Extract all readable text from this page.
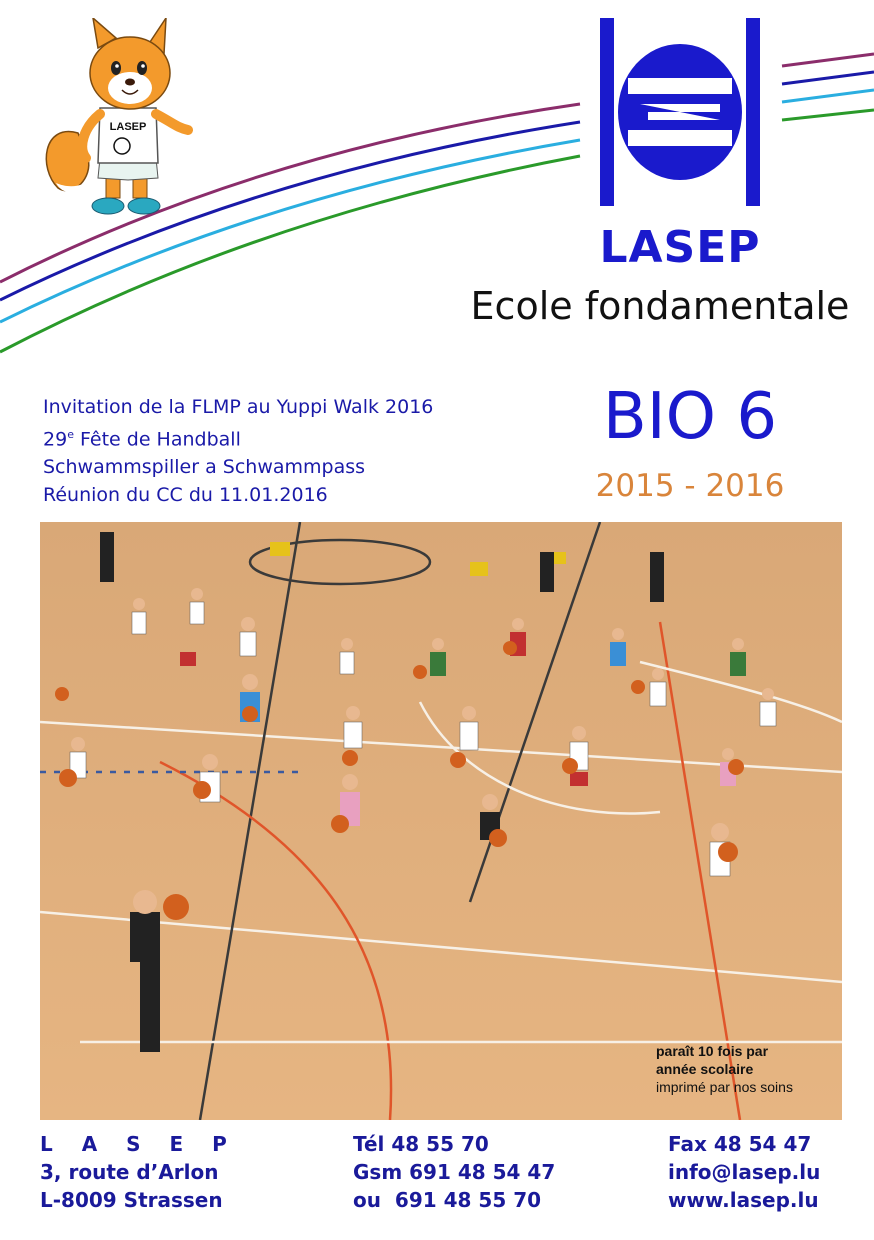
LASEP
LASEP
Ecole fondamentale
Invitation de la FLMP au Yuppi Walk 2016
29e Fête de Handball
Schwammspiller a Schwammpass
Réunion du CC du 11.01.2016
BIO 6
2015 - 2016
paraît 10 fois par
année scolaire
imprimé par nos soins
L A S E P
3, route d’Arlon
L-8009 Strassen
Tél 48 55 70
Gsm 691 48 54 47
ou  691 48 55 70
Fax 48 54 47
info@lasep.lu
www.lasep.lu
